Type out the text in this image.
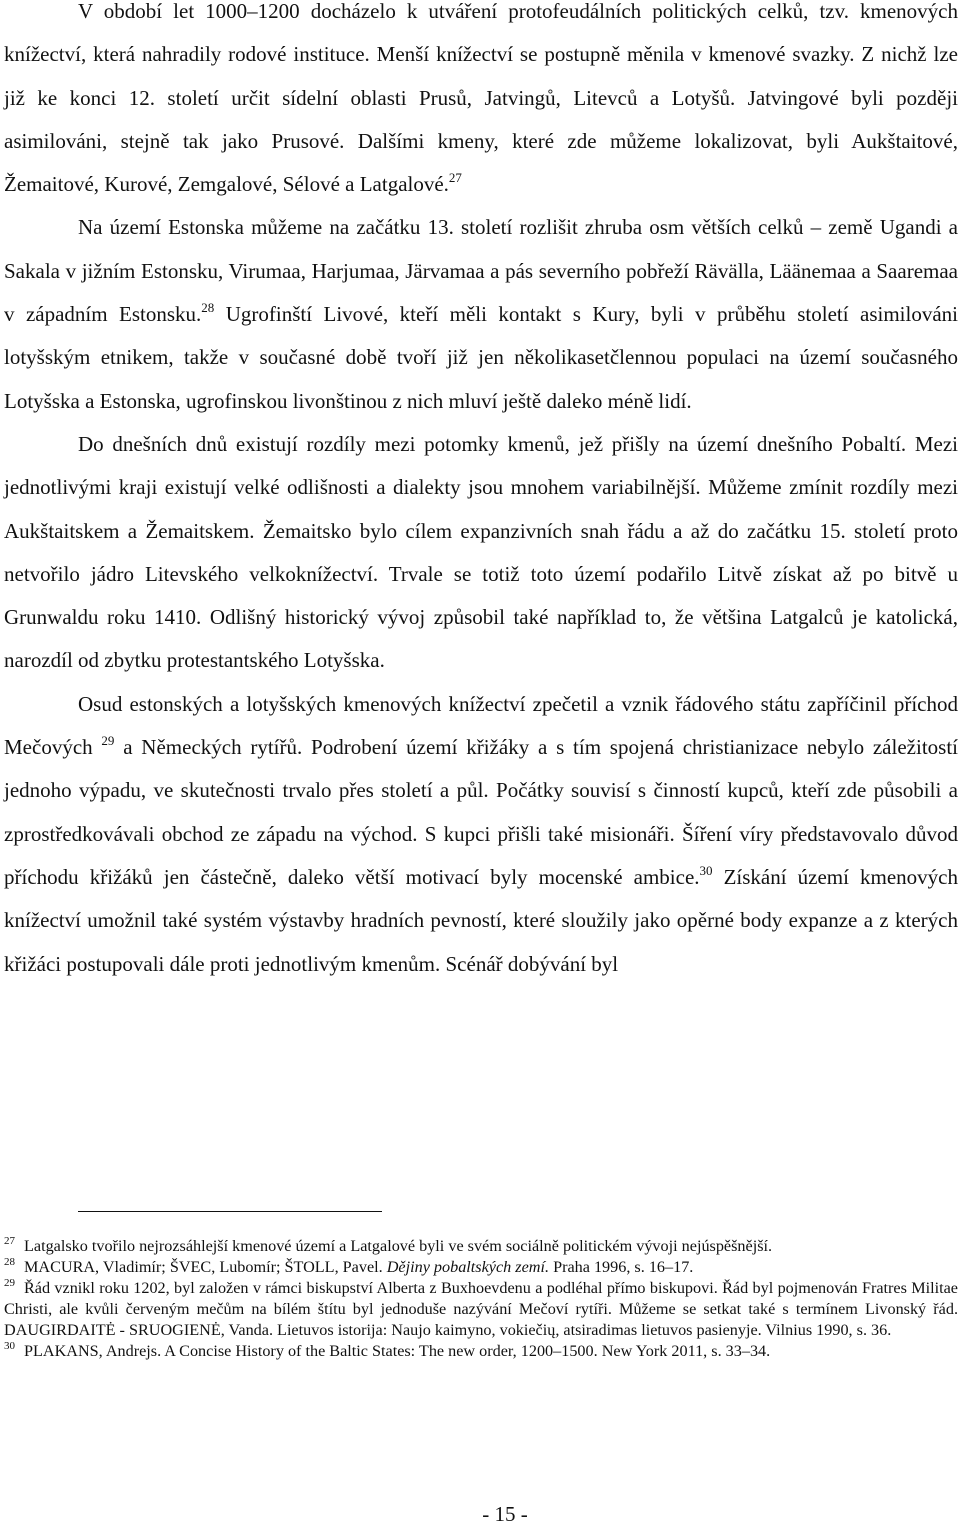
V období let 1000–1200 docházelo k utváření protofeudálních politických celků, tzv. kmenových knížectví, která nahradily rodové instituce. Menší knížectví se postupně měnila v kmenové svazky. Z nichž lze již ke konci 12. století určit sídelní oblasti Prusů, Jatvingů, Litevců a Lotyšů. Jatvingové byli později asimilováni, stejně tak jako Prusové. Dalšími kmeny, které zde můžeme lokalizovat, byli Aukštaitové, Žemaitové, Kurové, Zemgalové, Sélové a Latgalové.$^{27}$

Na území Estonska můžeme na začátku 13. století rozlišit zhruba osm větších celků – země Ugandi a Sakala v jižním Estonsku, Virumaa, Harjumaa, Järvamaa a pás severního pobřeží Rävälla, Läänemaa a Saaremaa v západním Estonsku.$^{28}$ Ugrofinští Livové, kteří měli kontakt s Kury, byli v průběhu století asimilováni lotyšským etnikem, takže v současné době tvoří již jen několikasetčlennou populaci na území současného Lotyšska a Estonska, ugrofinskou livonštinou z nich mluví ještě daleko méně lidí.

Do dnešních dnů existují rozdíly mezi potomky kmenů, jež přišly na území dnešního Pobaltí. Mezi jednotlivými kraji existují velké odlišnosti a dialekty jsou mnohem variabilnější. Můžeme zmínit rozdíly mezi Aukštaitskem a Žemaitskem. Žemaitsko bylo cílem expanzivních snah řádu a až do začátku 15. století proto netvořilo jádro Litevského velkoknížectví. Trvale se totiž toto území podařilo Litvě získat až po bitvě u Grunwaldu roku 1410. Odlišný historický vývoj způsobil také například to, že většina Latgalců je katolická, narozdíl od zbytku protestantského Lotyšska.

Osud estonských a lotyšských kmenových knížectví zpečetil a vznik řádového státu zapříčinil příchod Mečových $^{29}$ a Německých rytířů. Podrobení území křižáky a s tím spojená christianizace nebylo záležitostí jednoho výpadu, ve skutečnosti trvalo přes století a půl. Počátky souvisí s činností kupců, kteří zde působili a zprostředkovávali obchod ze západu na východ. S kupci přišli také misionáři. Šíření víry představovalo důvod příchodu křižáků jen částečně, daleko větší motivací byly mocenské ambice.$^{30}$ Získání území kmenových knížectví umožnil také systém výstavby hradních pevností, které sloužily jako opěrné body expanze a z kterých křižáci postupovali dále proti jednotlivým kmenům. Scénář dobývání byl

$^{27}$ Latgalsko tvořilo nejrozsáhlejší kmenové území a Latgalové byli ve svém sociálně politickém vývoji nejúspěšnější.

$^{28}$ MACURA, Vladimír; ŠVEC, Lubomír; ŠTOLL, Pavel. Dějiny pobaltských zemí. Praha 1996, s. 16–17.

$^{29}$ Řád vznikl roku 1202, byl založen v rámci biskupství Alberta z Buxhoevdenu a podléhal přímo biskupovi. Řád byl pojmenován Fratres Militae Christi, ale kvůli červeným mečům na bílém štítu byl jednoduše nazývání Mečoví rytíři. Můžeme se setkat také s termínem Livonský řád. DAUGIRDAITĖ - SRUOGIENĖ, Vanda. Lietuvos istorija: Naujo kaimyno, vokiečių, atsiradimas lietuvos pasienyje. Vilnius 1990, s. 36.

$^{30}$ PLAKANS, Andrejs. A Concise History of the Baltic States: The new order, 1200–1500. New York 2011, s. 33–34.

- 15 -
